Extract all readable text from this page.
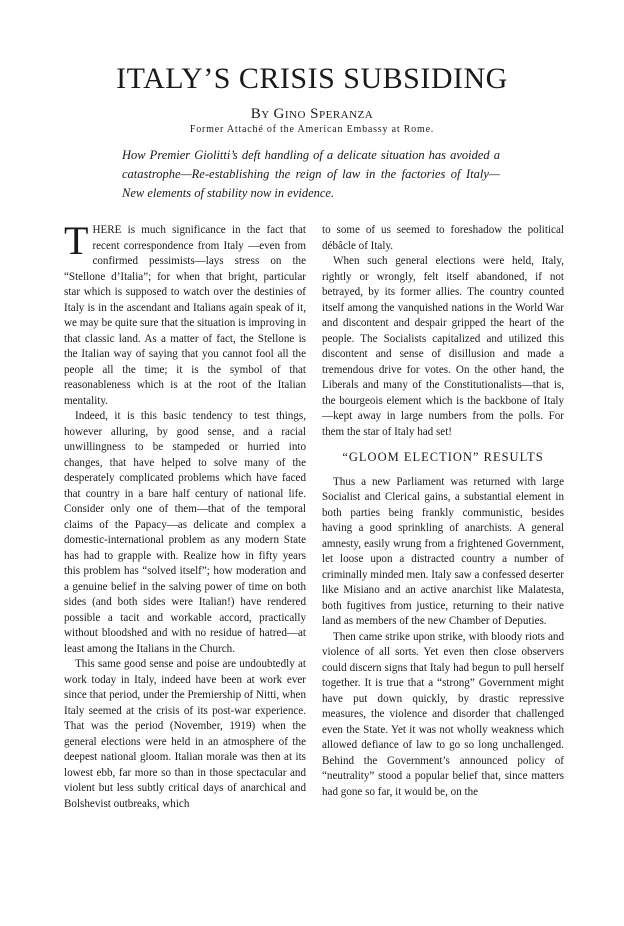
ITALY’S CRISIS SUBSIDING
By Gino Speranza
Former Attaché of the American Embassy at Rome.
How Premier Giolitti’s deft handling of a delicate situation has avoided a catastrophe—Re-establishing the reign of law in the factories of Italy—New elements of stability now in evidence.

THERE is much significance in the fact that recent correspondence from Italy —even from confirmed pessimists—lays stress on the “Stellone d’Italia”; for when that bright, particular star which is supposed to watch over the destinies of Italy is in the ascendant and Italians again speak of it, we may be quite sure that the situation is improving in that classic land. As a matter of fact, the Stellone is the Italian way of saying that you cannot fool all the people all the time; it is the symbol of that reasonableness which is at the root of the Italian mentality.

Indeed, it is this basic tendency to test things, however alluring, by good sense, and a racial unwillingness to be stampeded or hurried into changes, that have helped to solve many of the desperately complicated problems which have faced that country in a bare half century of national life. Consider only one of them—that of the temporal claims of the Papacy—as delicate and complex a domestic-international problem as any modern State has had to grapple with. Realize how in fifty years this problem has “solved itself”; how moderation and a genuine belief in the salving power of time on both sides (and both sides were Italian!) have rendered possible a tacit and workable accord, practically without bloodshed and with no residue of hatred—at least among the Italians in the Church.

This same good sense and poise are undoubtedly at work today in Italy, indeed have been at work ever since that period, under the Premiership of Nitti, when Italy seemed at the crisis of its post-war experience. That was the period (November, 1919) when the general elections were held in an atmosphere of the deepest national gloom. Italian morale was then at its lowest ebb, far more so than in those spectacular and violent but less subtly critical days of anarchical and Bolshevist outbreaks, which

to some of us seemed to foreshadow the political débâcle of Italy.

When such general elections were held, Italy, rightly or wrongly, felt itself abandoned, if not betrayed, by its former allies. The country counted itself among the vanquished nations in the World War and discontent and despair gripped the heart of the people. The Socialists capitalized and utilized this discontent and sense of disillusion and made a tremendous drive for votes. On the other hand, the Liberals and many of the Constitutionalists—that is, the bourgeois element which is the backbone of Italy—kept away in large numbers from the polls. For them the star of Italy had set!

“GLOOM ELECTION” RESULTS

Thus a new Parliament was returned with large Socialist and Clerical gains, a substantial element in both parties being frankly communistic, besides having a good sprinkling of anarchists. A general amnesty, easily wrung from a frightened Government, let loose upon a distracted country a number of criminally minded men. Italy saw a confessed deserter like Misiano and an active anarchist like Malatesta, both fugitives from justice, returning to their native land as members of the new Chamber of Deputies.

Then came strike upon strike, with bloody riots and violence of all sorts. Yet even then close observers could discern signs that Italy had begun to pull herself together. It is true that a “strong” Government might have put down quickly, by drastic repressive measures, the violence and disorder that challenged even the State. Yet it was not wholly weakness which allowed defiance of law to go so long unchallenged. Behind the Government’s announced policy of “neutrality” stood a popular belief that, since matters had gone so far, it would be, on the
